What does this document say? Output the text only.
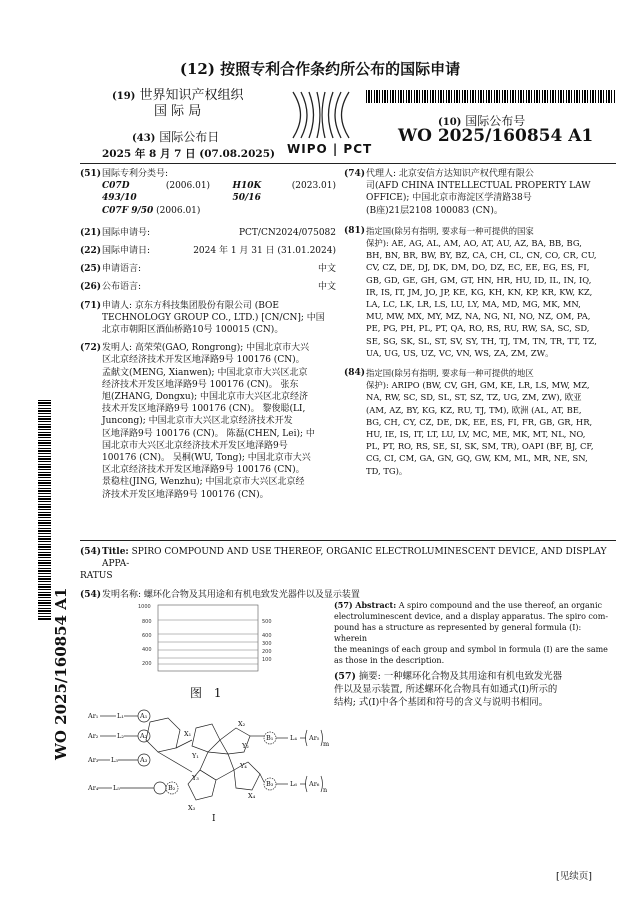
(12) 按照专利合作条约所公布的国际申请
(19) 世界知识产权组织
国 际 局
(43) 国际公布日
2025 年 8 月 7 日 (07.08.2025) WIPO | PCT
(10) 国际公布号
WO 2025/160854 A1
(51) 国际专利分类号:
C07D 493/10

(2006.01) H10K 50/16

(2023.01)
C07F 9/50
(2006.01)
(21) 国际申请号:	PCT/CN2024/075082
(22) 国际申请日:	2024 年 1 月 31 日 (31.01.2024)
(25) 申请语言:	中文
(26) 公布语言:	中文
(71) 申请人: 京东方科技集团股份有限公司 (BOE
TECHNOLOGY GROUP CO., LTD.) [CN/CN]; 中国
北京市朝阳区酒仙桥路10号 100015 (CN)。
(72) 发明人: 高荣荣(GAO, Rongrong); 中国北京市大兴
区北京经济技术开发区地泽路9号 100176 (CN)。
孟献文(MENG, Xianwen); 中国北京市大兴区北京
经济技术开发区地泽路9号 100176 (CN)。 张东
旭(ZHANG, Dongxu); 中国北京市大兴区北京经济
技术开发区地泽路9号 100176 (CN)。 黎俊聪(LI,
Juncong); 中国北京市大兴区北京经济技术开发
区地泽路9号 100176 (CN)。 陈磊(CHEN, Lei); 中
国北京市大兴区北京经济技术开发区地泽路9号
100176 (CN)。 吴桐(WU, Tong); 中国北京市大兴
区北京经济技术开发区地泽路9号 100176 (CN)。
景稳柱(JING, Wenzhu); 中国北京市大兴区北京经
济技术开发区地泽路9号 100176 (CN)。
(74) 代理人: 北京安信方达知识产权代理有限公
司(AFD CHINA INTELLECTUAL PROPERTY LAW
OFFICE); 中国北京市海淀区学清路38号
(B座)21层2108 100083 (CN)。
(81) 指定国(除另有指明, 要求每一种可提供的国家
保护): AE, AG, AL, AM, AO, AT, AU, AZ, BA, BB, BG,
BH, BN, BR, BW, BY, BZ, CA, CH, CL, CN, CO, CR, CU,
CV, CZ, DE, DJ, DK, DM, DO, DZ, EC, EE, EG, ES, FI,
GB, GD, GE, GH, GM, GT, HN, HR, HU, ID, IL, IN, IQ,
IR, IS, IT, JM, JO, JP, KE, KG, KH, KN, KP, KR, KW, KZ,
LA, LC, LK, LR, LS, LU, LY, MA, MD, MG, MK, MN,
MU, MW, MX, MY, MZ, NA, NG, NI, NO, NZ, OM, PA,
PE, PG, PH, PL, PT, QA, RO, RS, RU, RW, SA, SC, SD,
SE, SG, SK, SL, ST, SV, SY, TH, TJ, TM, TN, TR, TT, TZ,
UA, UG, US, UZ, VC, VN, WS, ZA, ZM, ZW。
(84) 指定国(除另有指明, 要求每一种可提供的地区
保护): ARIPO (BW, CV, GH, GM, KE, LR, LS, MW, MZ,
NA, RW, SC, SD, SL, ST, SZ, TZ, UG, ZM, ZW), 欧亚
(AM, AZ, BY, KG, KZ, RU, TJ, TM), 欧洲 (AL, AT, BE,
BG, CH, CY, CZ, DE, DK, EE, ES, FI, FR, GB, GR, HR,
HU, IE, IS, IT, LT, LU, LV, MC, ME, MK, MT, NL, NO,
PL, PT, RO, RS, SE, SI, SK, SM, TR), OAPI (BF, BJ, CF,
CG, CI, CM, GA, GN, GQ, GW, KM, ML, MR, NE, SN,
TD, TG)。
WO 2025/160854 A1
(54) Title: SPIRO COMPOUND AND USE THEREOF, ORGANIC ELECTROLUMINESCENT DEVICE, AND DISPLAY APPA-
RATUS
(54) 发明名称:
螺环化合物及其用途和有机电致发光器件以及显示装置
1000
800
600
400
200
500
400
300
200
100
图 1
Ar₁	L₁ A₁
Ar₂	L₂ A₂
Ar₃ L₃	A₃
Ar₄ L₅	B₂
X₁
X₂
X₃
X₄
Y₁
Y₂
Y₃
Y₄
B₁	L₄ Ar₅
m
B₃	L₆ Ar₆
n
I
(57) Abstract: A spiro compound and the use thereof, an organic
electroluminescent device, and a display apparatus. The spiro com-
pound has a structure as represented by general formula (I): wherein
the meanings of each group and symbol in formula (I) are the same
as those in the description.
(57) 摘要: 一种螺环化合物及其用途和有机电致发光器
件以及显示装置, 所述螺环化合物具有如通式(I)所示的
结构; 式(I)中各个基团和符号的含义与说明书相同。
[见续页]
